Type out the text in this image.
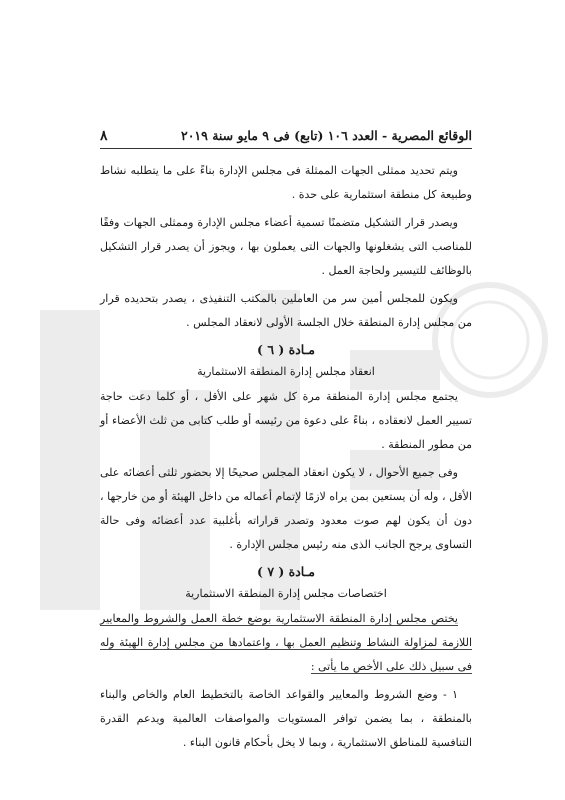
الوقائع المصرية - العدد ١٠٦ (تابع) فى ٩ مايو سنة ٢٠١٩
٨

ويتم تحديد ممثلى الجهات الممثلة فى مجلس الإدارة بناءً على ما يتطلبه نشاط وطبيعة كل منطقة استثمارية على حدة .

ويصدر قرار التشكيل متضمنًا تسمية أعضاء مجلس الإدارة وممثلى الجهات وفقًا للمناصب التى يشغلونها والجهات التى يعملون بها ، ويجوز أن يصدر قرار التشكيل بالوظائف للتيسير ولحاجة العمل .

ويكون للمجلس أمين سر من العاملين بالمكتب التنفيذى ، يصدر بتحديده قرار من مجلس إدارة المنطقة خلال الجلسة الأولى لانعقاد المجلس .

مـادة ( ٦ )
انعقاد مجلس إدارة المنطقة الاستثمارية

يجتمع مجلس إدارة المنطقة مرة كل شهر على الأقل ، أو كلما دعت حاجة تسيير العمل لانعقاده ، بناءً على دعوة من رئيسه أو طلب كتابى من ثلث الأعضاء أو من مطور المنطقة .

وفى جميع الأحوال ، لا يكون انعقاد المجلس صحيحًا إلا بحضور ثلثى أعضائه على الأقل ، وله أن يستعين بمن يراه لازمًا لإتمام أعماله من داخل الهيئة أو من خارجها ، دون أن يكون لهم صوت معدود وتصدر قراراته بأغلبية عدد أعضائه وفى حالة التساوى يرجح الجانب الذى منه رئيس مجلس الإدارة .

مـادة ( ٧ )
اختصاصات مجلس إدارة المنطقة الاستثمارية

يختص مجلس إدارة المنطقة الاستثمارية بوضع خطة العمل والشروط والمعايير اللازمة لمزاولة النشاط وتنظيم العمل بها ، واعتمادها من مجلس إدارة الهيئة وله فى سبيل ذلك على الأخص ما يأتى :

١ - وضع الشروط والمعايير والقواعد الخاصة بالتخطيط العام والخاص والبناء بالمنطقة ، بما يضمن توافر المستويات والمواصفات العالمية ويدعم القدرة التنافسية للمناطق الاستثمارية ، وبما لا يخل بأحكام قانون البناء .
